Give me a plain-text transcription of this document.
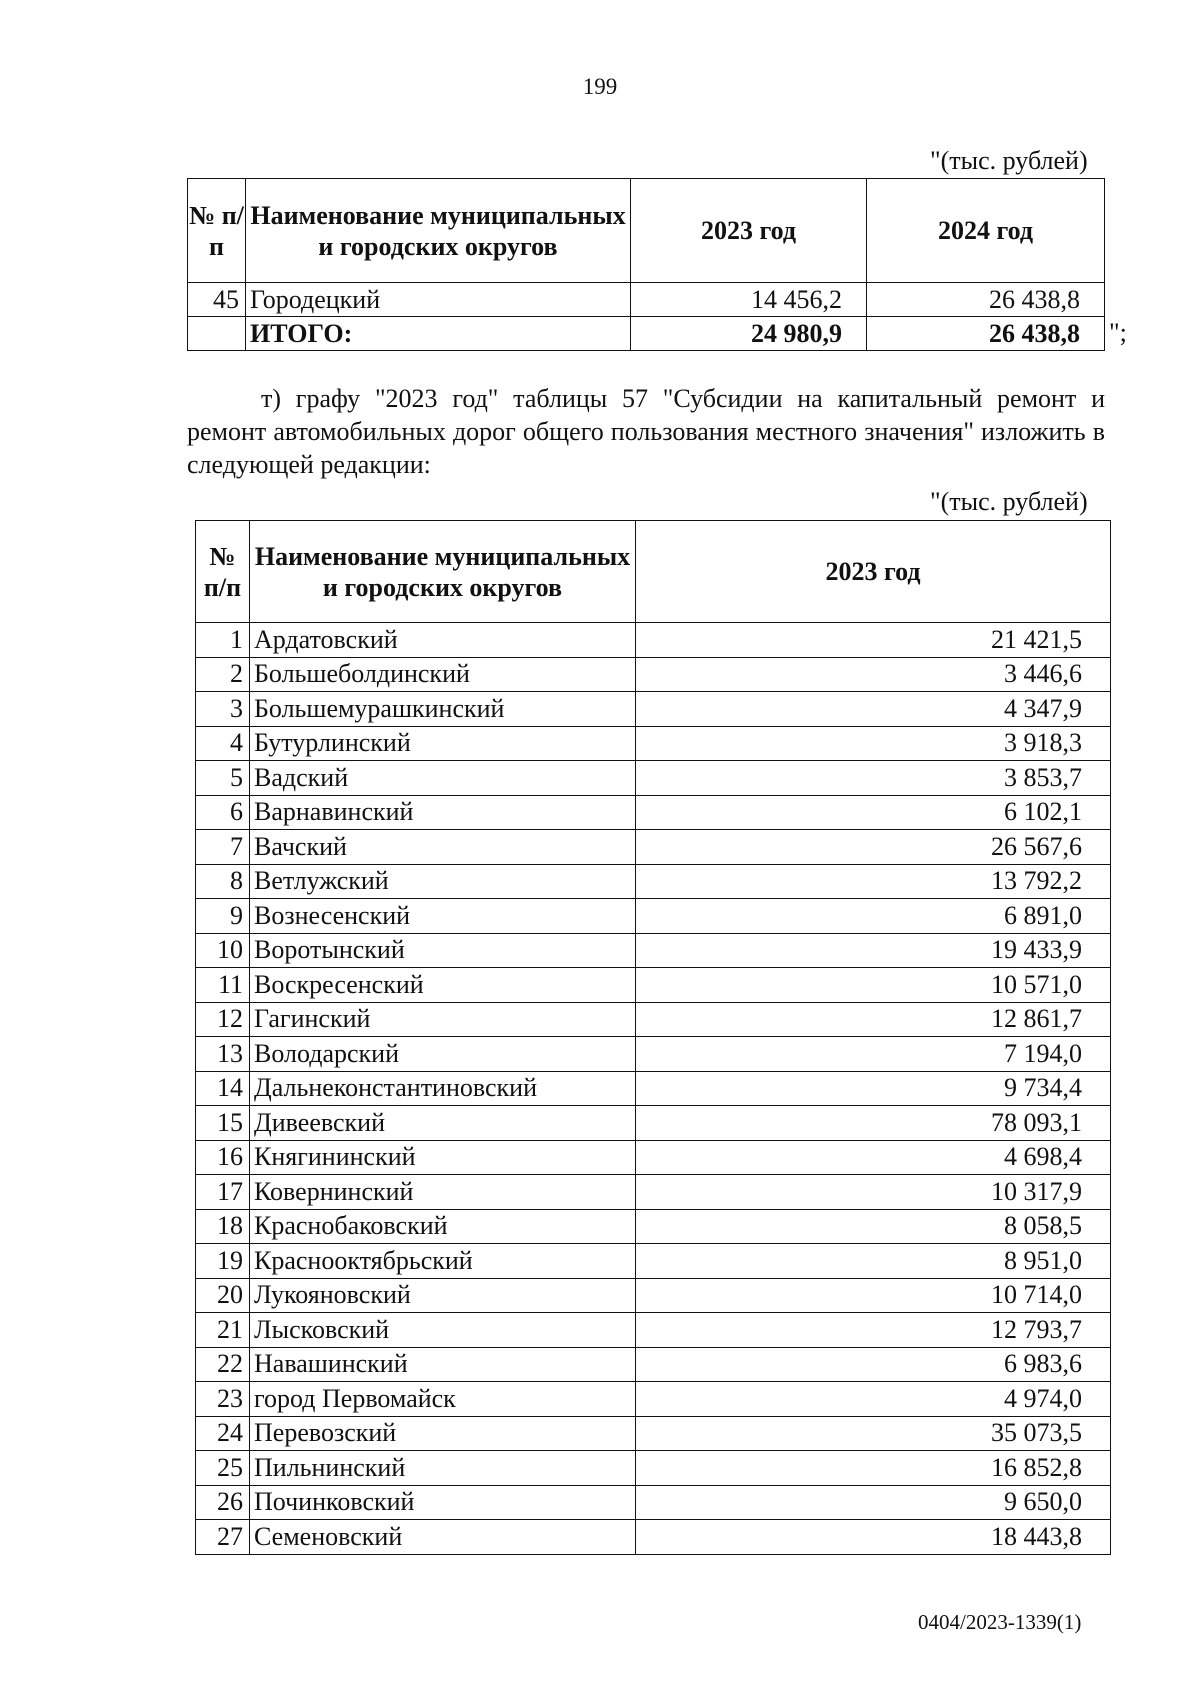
199
"(тыс. рублей)
№ п/п	Наименование муниципальных и городских округов	2023 год	2024 год
45	Городецкий	14 456,2	26 438,8
	ИТОГО:	24 980,9	26 438,8 ";
т) графу "2023 год" таблицы 57 "Субсидии на капитальный ремонт и ремонт автомобильных дорог общего пользования местного значения" изложить в следующей редакции:
"(тыс. рублей)
№ п/п	Наименование муниципальных и городских округов	2023 год
1	Ардатовский	21 421,5
2	Большеболдинский	3 446,6
3	Большемурашкинский	4 347,9
4	Бутурлинский	3 918,3
5	Вадский	3 853,7
6	Варнавинский	6 102,1
7	Вачский	26 567,6
8	Ветлужский	13 792,2
9	Вознесенский	6 891,0
10	Воротынский	19 433,9
11	Воскресенский	10 571,0
12	Гагинский	12 861,7
13	Володарский	7 194,0
14	Дальнеконстантиновский	9 734,4
15	Дивеевский	78 093,1
16	Княгининский	4 698,4
17	Ковернинский	10 317,9
18	Краснобаковский	8 058,5
19	Краснооктябрьский	8 951,0
20	Лукояновский	10 714,0
21	Лысковский	12 793,7
22	Навашинский	6 983,6
23	город Первомайск	4 974,0
24	Перевозский	35 073,5
25	Пильнинский	16 852,8
26	Починковский	9 650,0
27	Семеновский	18 443,8
0404/2023-1339(1)
